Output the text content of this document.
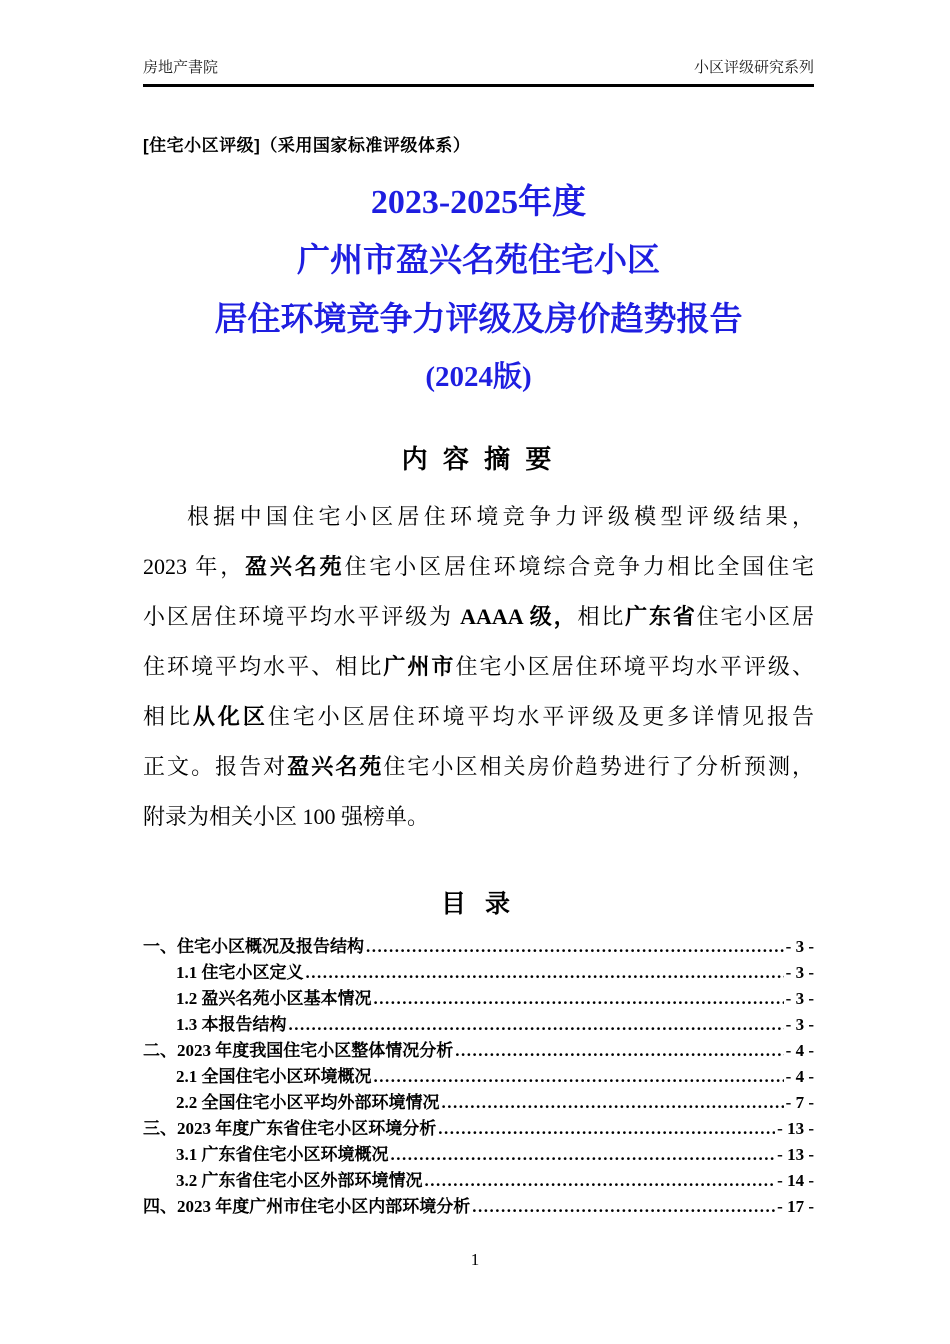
房地产書院	小区评级研究系列
[住宅小区评级]（采用国家标准评级体系）
2023-2025年度
广州市盈兴名苑住宅小区
居住环境竞争力评级及房价趋势报告
(2024版)
内 容 摘 要
根据中国住宅小区居住环境竞争力评级模型评级结果，
2023 年，盈兴名苑住宅小区居住环境综合竞争力相比全国住宅
小区居住环境平均水平评级为 AAAA 级，相比广东省住宅小区居
住环境平均水平、相比广州市住宅小区居住环境平均水平评级、
相比从化区住宅小区居住环境平均水平评级及更多详情见报告
正文。报告对盈兴名苑住宅小区相关房价趋势进行了分析预测，
附录为相关小区 100 强榜单。
目 录
一、住宅小区概况及报告结构 .....	- 3 -
1.1 住宅小区定义 .....	- 3 -
1.2 盈兴名苑小区基本情况 .....	- 3 -
1.3 本报告结构 .....	- 3 -
二、2023 年度我国住宅小区整体情况分析 .....	- 4 -
2.1 全国住宅小区环境概况 .....	- 4 -
2.2 全国住宅小区平均外部环境情况 .....	- 7 -
三、2023 年度广东省住宅小区环境分析 .....	- 13 -
3.1 广东省住宅小区环境概况 .....	- 13 -
3.2 广东省住宅小区外部环境情况 .....	- 14 -
四、2023 年度广州市住宅小区内部环境分析 .....	- 17 -
1
